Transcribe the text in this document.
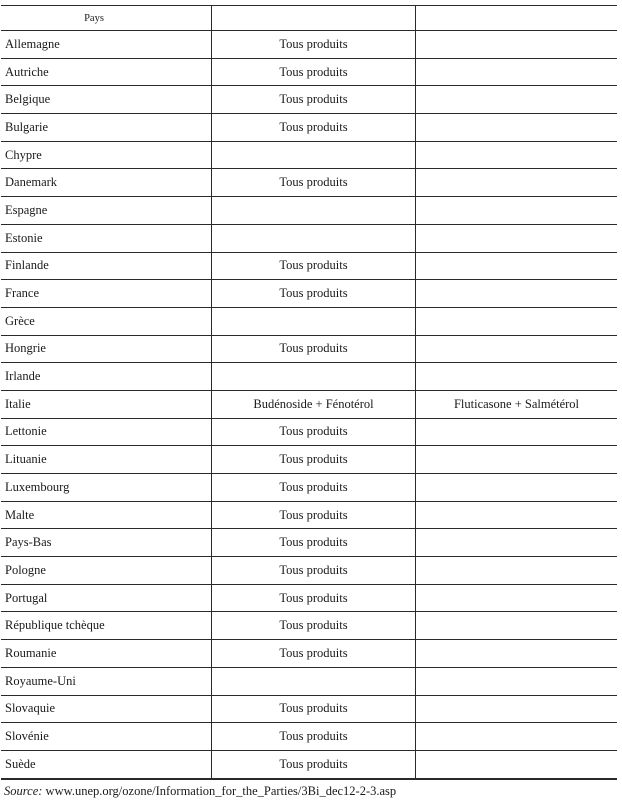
Pays		

Allemagne	Tous produits	
Autriche	Tous produits	
Belgique	Tous produits	
Bulgarie	Tous produits	
Chypre		
Danemark	Tous produits	
Espagne		
Estonie		
Finlande	Tous produits	
France	Tous produits	
Grèce		
Hongrie	Tous produits	
Irlande		
Italie	Budénoside + Fénotérol	Fluticasone + Salmétérol
Lettonie	Tous produits	
Lituanie	Tous produits	
Luxembourg	Tous produits	
Malte	Tous produits	
Pays-Bas	Tous produits	
Pologne	Tous produits	
Portugal	Tous produits	
République tchèque	Tous produits	
Roumanie	Tous produits	
Royaume-Uni		
Slovaquie	Tous produits	
Slovénie	Tous produits	
Suède	Tous produits	
Source: www.unep.org/ozone/Information_for_the_Parties/3Bi_dec12-2-3.asp
